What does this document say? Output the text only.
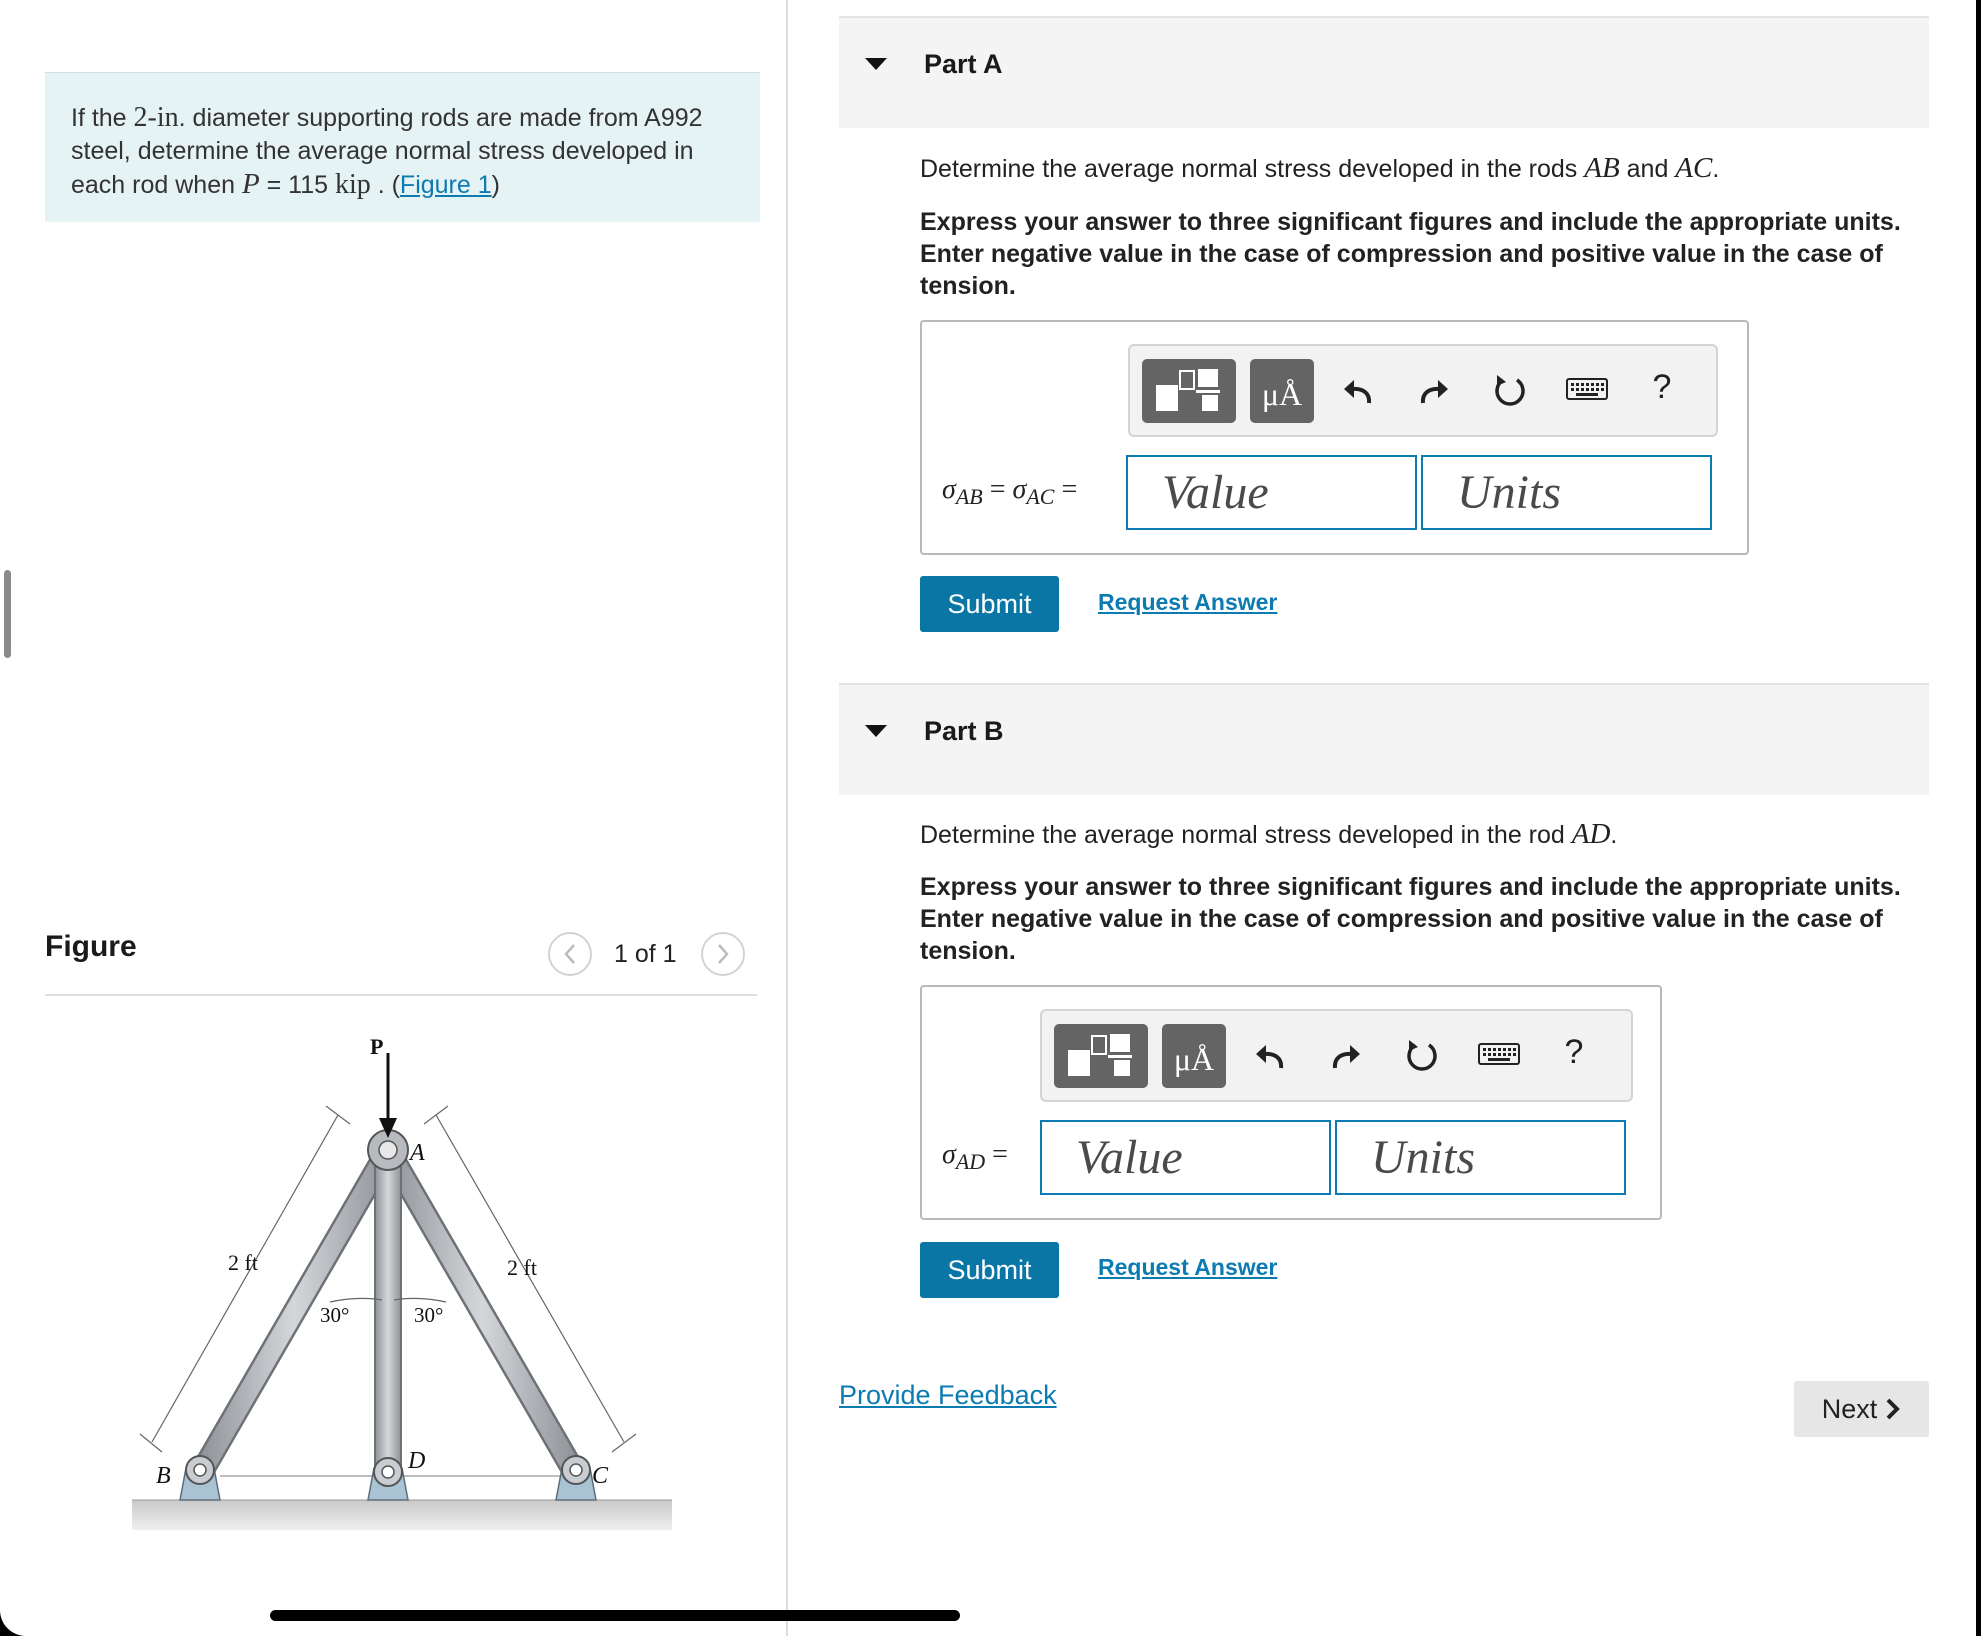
If the 2-in. diameter supporting rods are made from A992 steel, determine the average normal stress developed in each rod when P = 115 kip . (Figure 1)
Figure	1 of 1
P
A
B	C
D
2 ft	2 ft
30°	30°
Part A
Determine the average normal stress developed in the rods AB and AC.
Express your answer to three significant figures and include the appropriate units. Enter negative value in the case of compression and positive value in the case of tension.
μÅ	?
$\sigma_{AB} = \sigma_{AC}$ =	Value	Units
Submit	Request Answer
Part B
Determine the average normal stress developed in the rod AD.
Express your answer to three significant figures and include the appropriate units. Enter negative value in the case of compression and positive value in the case of tension.
μÅ	?
$\sigma_{AD}$ =	Value	Units
Submit	Request Answer
Provide Feedback	Next
